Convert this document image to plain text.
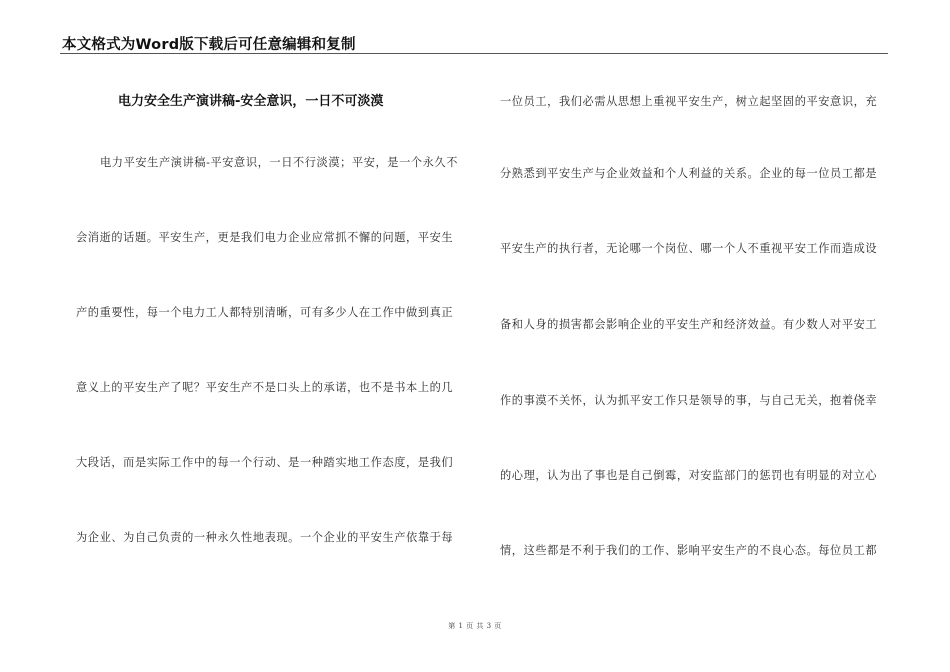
本文格式为Word版下载后可任意编辑和复制
电力安全生产演讲稿-安全意识，一日不可淡漠
电力平安生产演讲稿-平安意识，一日不行淡漠；平安，是一个永久不
会消逝的话题。平安生产，更是我们电力企业应常抓不懈的问题，平安生
产的重要性，每一个电力工人都特别清晰，可有多少人在工作中做到真正
意义上的平安生产了呢？平安生产不是口头上的承诺，也不是书本上的几
大段话，而是实际工作中的每一个行动、是一种踏实地工作态度，是我们
为企业、为自己负责的一种永久性地表现。一个企业的平安生产依靠于每
一位员工，我们必需从思想上重视平安生产，树立起坚固的平安意识，充
分熟悉到平安生产与企业效益和个人利益的关系。企业的每一位员工都是
平安生产的执行者，无论哪一个岗位、哪一个人不重视平安工作而造成设
备和人身的损害都会影响企业的平安生产和经济效益。有少数人对平安工
作的事漠不关怀，认为抓平安工作只是领导的事，与自己无关，抱着侥幸
的心理，认为出了事也是自己倒霉，对安监部门的惩罚也有明显的对立心
情，这些都是不利于我们的工作、影响平安生产的不良心态。每位员工都
第 1 页 共 3 页
